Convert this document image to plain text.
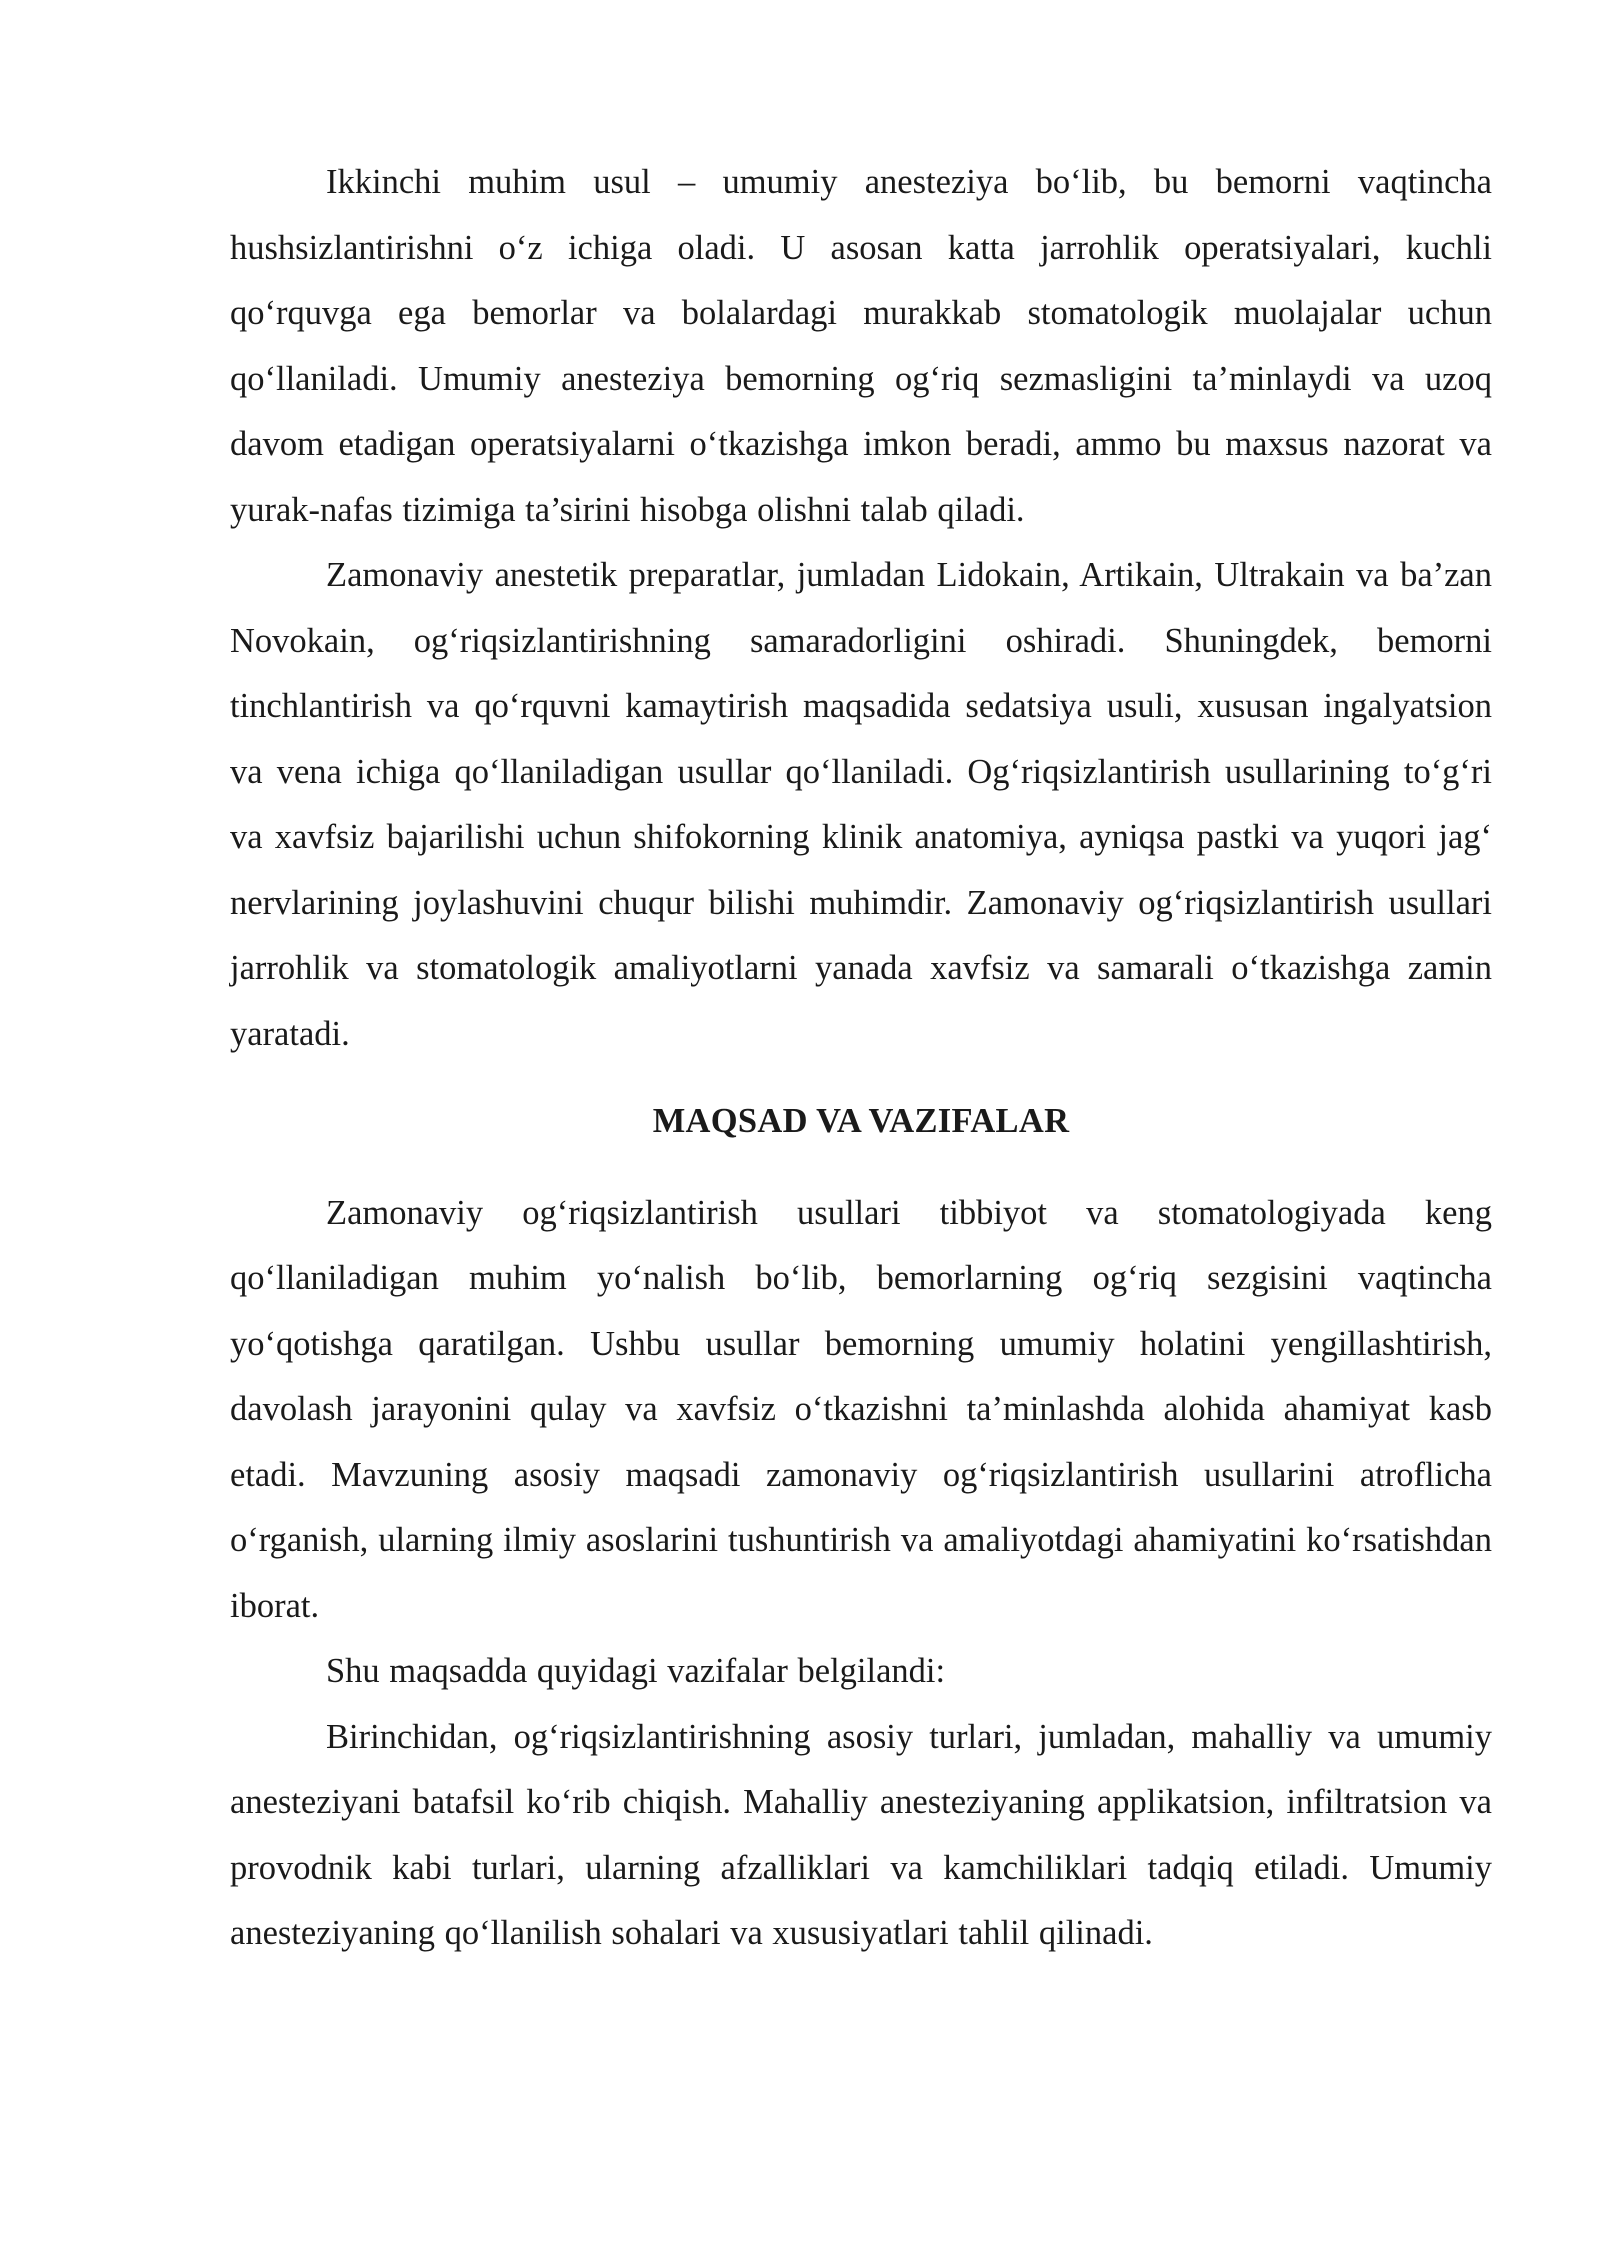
Ikkinchi muhim usul – umumiy anesteziya bo‘lib, bu bemorni vaqtincha hushsizlantirishni o‘z ichiga oladi. U asosan katta jarrohlik operatsiyalari, kuchli qo‘rquvga ega bemorlar va bolalardagi murakkab stomatologik muolajalar uchun qo‘llaniladi. Umumiy anesteziya bemorning og‘riq sezmasligini ta’minlaydi va uzoq davom etadigan operatsiyalarni o‘tkazishga imkon beradi, ammo bu maxsus nazorat va yurak-nafas tizimiga ta’sirini hisobga olishni talab qiladi.

Zamonaviy anestetik preparatlar, jumladan Lidokain, Artikain, Ultrakain va ba’zan Novokain, og‘riqsizlantirishning samaradorligini oshiradi. Shuningdek, bemorni tinchlantirish va qo‘rquvni kamaytirish maqsadida sedatsiya usuli, xususan ingalyatsion va vena ichiga qo‘llaniladigan usullar qo‘llaniladi. Og‘riqsizlantirish usullarining to‘g‘ri va xavfsiz bajarilishi uchun shifokorning klinik anatomiya, ayniqsa pastki va yuqori jag‘ nervlarining joylashuvini chuqur bilishi muhimdir. Zamonaviy og‘riqsizlantirish usullari jarrohlik va stomatologik amaliyotlarni yanada xavfsiz va samarali o‘tkazishga zamin yaratadi.

MAQSAD VA VAZIFALAR

Zamonaviy og‘riqsizlantirish usullari tibbiyot va stomatologiyada keng qo‘llaniladigan muhim yo‘nalish bo‘lib, bemorlarning og‘riq sezgisini vaqtincha yo‘qotishga qaratilgan. Ushbu usullar bemorning umumiy holatini yengillashtirish, davolash jarayonini qulay va xavfsiz o‘tkazishni ta’minlashda alohida ahamiyat kasb etadi. Mavzuning asosiy maqsadi zamonaviy og‘riqsizlantirish usullarini atroflicha o‘rganish, ularning ilmiy asoslarini tushuntirish va amaliyotdagi ahamiyatini ko‘rsatishdan iborat.

Shu maqsadda quyidagi vazifalar belgilandi:

Birinchidan, og‘riqsizlantirishning asosiy turlari, jumladan, mahalliy va umumiy anesteziyani batafsil ko‘rib chiqish. Mahalliy anesteziyaning applikatsion, infiltratsion va provodnik kabi turlari, ularning afzalliklari va kamchiliklari tadqiq etiladi. Umumiy anesteziyaning qo‘llanilish sohalari va xususiyatlari tahlil qilinadi.
